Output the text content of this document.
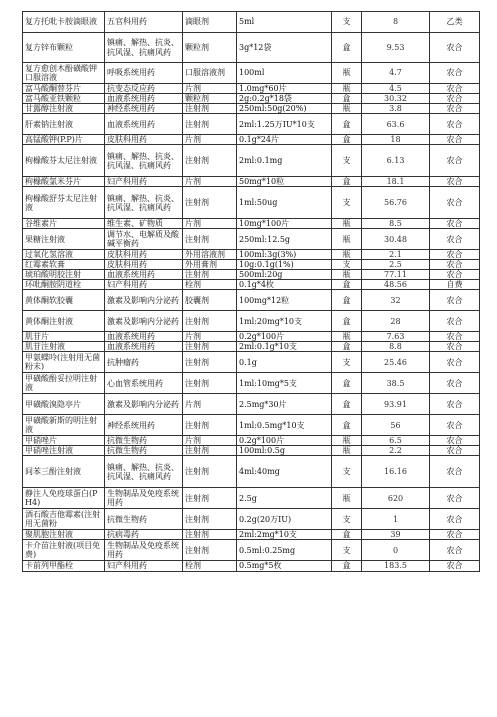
复方托吡卡胺滴眼液	五官科用药	滴眼剂	5ml	支	8	乙类
复方锌布颗粒	镇痛、解热、抗炎、抗风湿、抗痛风药	颗粒剂	3g*12袋	盒	9.53	农合
复方愈创木酚磺酸钾口服溶液	呼吸系统用药	口服溶液剂	100ml	瓶	4.7	农合
富马酸酮替芬片	抗变态反应药	片剂	1.0mg*60片	瓶	4.5	农合
富马酸亚铁颗粒	血液系统用药	颗粒剂	2g:0.2g*18袋	盒	30.32	农合
甘露醇注射液	神经系统用药	注射剂	250ml:50g(20%)	瓶	3.8	农合
肝素钠注射液	血液系统用药	注射剂	2ml:1.25万IU*10支	盒	63.6	农合
高锰酸钾(P.P)片	皮肤科用药	片剂	0.1g*24片	盒	18	农合
枸橼酸芬太尼注射液	镇痛、解热、抗炎、抗风湿、抗痛风药	注射剂	2ml:0.1mg	支	6.13	农合
枸橼酸氯米芬片	妇产科用药	片剂	50mg*10粒	盒	18.1	农合
枸橼酸舒芬太尼注射液	镇痛、解热、抗炎、抗风湿、抗痛风药	注射剂	1ml:50ug	支	56.76	农合
谷维素片	维生素、矿物质	片剂	10mg*100片	瓶	8.5	农合
果糖注射液	调节水、电解质及酸碱平衡药	注射剂	250ml:12.5g	瓶	30.48	农合
过氧化氢溶液	皮肤科用药	外用溶液剂	100ml:3g(3%)	瓶	2.1	农合
红霉素软膏	皮肤科用药	外用膏剂	10g:0.1g(1%)	支	2.5	农合
琥珀酸明胶注射	血液系统用药	注射剂	500ml:20g	瓶	77.11	农合
环吡酮胺阴道栓	妇产科用药	栓剂	0.1g*4枚	盒	48.56	自费
黄体酮软胶囊	激素及影响内分泌药	胶囊剂	100mg*12粒	盒	32	农合
黄体酮注射液	激素及影响内分泌药	注射剂	1ml:20mg*10支	盒	28	农合
肌苷片	血液系统用药	片剂	0.2g*100片	瓶	7.63	农合
肌苷注射液	血液系统用药	注射剂	2ml:0.1g*10支	盒	8.8	农合
甲氨蝶呤(注射用无菌粉末)	抗肿瘤药	注射剂	0.1g	支	25.46	农合
甲磺酸酚妥拉明注射液	心血管系统用药	注射剂	1ml:10mg*5支	盒	38.5	农合
甲磺酸溴隐亭片	激素及影响内分泌药	片剂	2.5mg*30片	盒	93.91	农合
甲磺酸新斯的明注射液	神经系统用药	注射剂	1ml:0.5mg*10支	盒	56	农合
甲硝唑片	抗微生物药	片剂	0.2g*100片	瓶	6.5	农合
甲硝唑注射液	抗微生物药	注射剂	100ml:0.5g	瓶	2.2	农合
间苯三酚注射液	镇痛、解热、抗炎、抗风湿、抗痛风药	注射剂	4ml:40mg	支	16.16	农合
静注人免疫球蛋白(PH4)	生物制品及免疫系统用药	注射剂	2.5g	瓶	620	农合
酒石酸吉他霉素(注射用无菌粉	抗微生物药	注射剂	0.2g(20万IU)	支	1	农合
聚肌胞注射液	抗病毒药	注射剂	2ml:2mg*10支	盒	39	农合
卡介苗注射液(项目免费)	生物制品及免疫系统用药	注射剂	0.5ml:0.25mg	支	0	农合
卡前列甲酯栓	妇产科用药	栓剂	0.5mg*5枚	盒	183.5	农合
